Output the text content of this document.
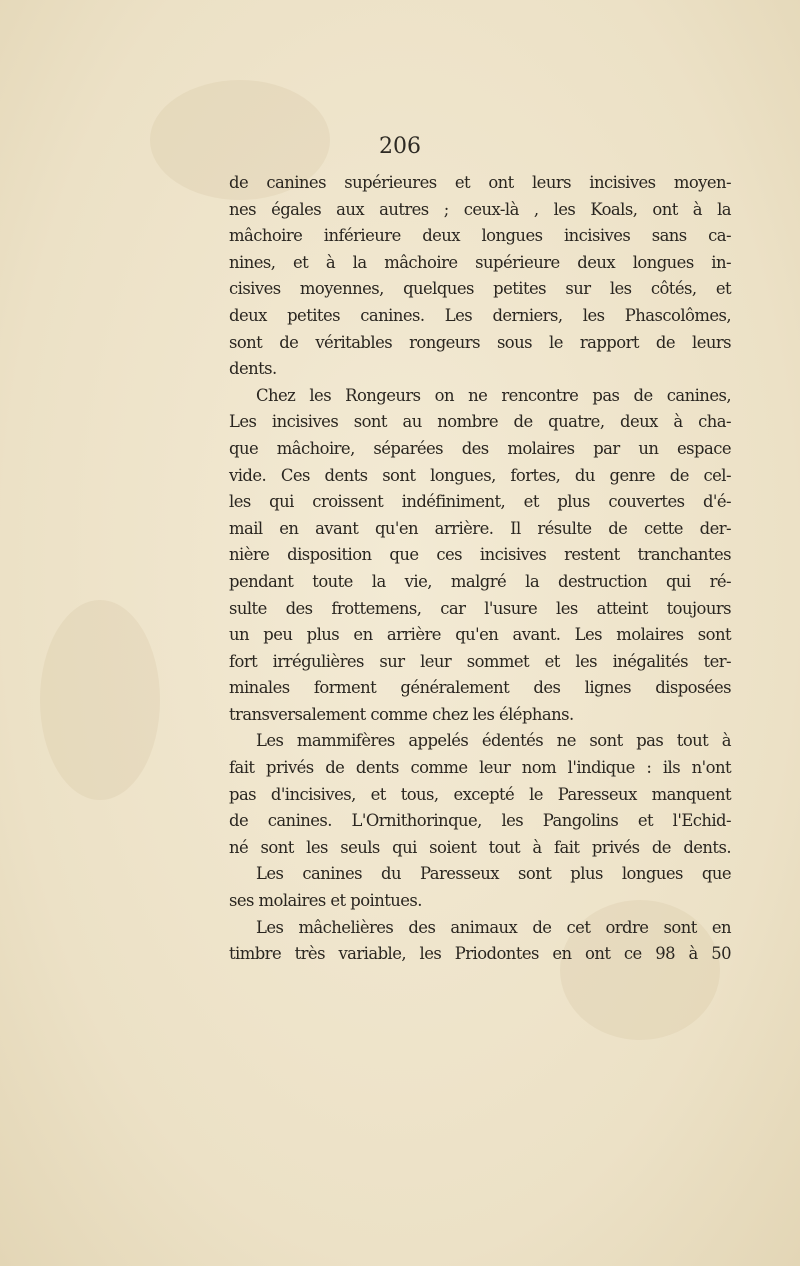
206
de canines supérieures et ont leurs incisives moyen-
nes égales aux autres ; ceux-là , les Koals, ont à la
mâchoire inférieure deux longues incisives sans ca-
nines, et à la mâchoire supérieure deux longues in-
cisives moyennes, quelques petites sur les côtés, et
deux petites canines. Les derniers, les Phascolômes,
sont de véritables rongeurs sous le rapport de leurs
dents.
Chez les Rongeurs on ne rencontre pas de canines,
Les incisives sont au nombre de quatre, deux à cha-
que mâchoire, séparées des molaires par un espace
vide. Ces dents sont longues, fortes, du genre de cel-
les qui croissent indéfiniment, et plus couvertes d'é-
mail en avant qu'en arrière. Il résulte de cette der-
nière disposition que ces incisives restent tranchantes
pendant toute la vie, malgré la destruction qui ré-
sulte des frottemens, car l'usure les atteint toujours
un peu plus en arrière qu'en avant. Les molaires sont
fort irrégulières sur leur sommet et les inégalités ter-
minales forment généralement des lignes disposées
transversalement comme chez les éléphans.
Les mammifères appelés édentés ne sont pas tout à
fait privés de dents comme leur nom l'indique : ils n'ont
pas d'incisives, et tous, excepté le Paresseux manquent
de canines. L'Ornithorinque, les Pangolins et l'Echid-
né sont les seuls qui soient tout à fait privés de dents.
Les canines du Paresseux sont plus longues que
ses molaires et pointues.
Les mâchelières des animaux de cet ordre sont en
timbre très variable, les Priodontes en ont ce 98 à 50
